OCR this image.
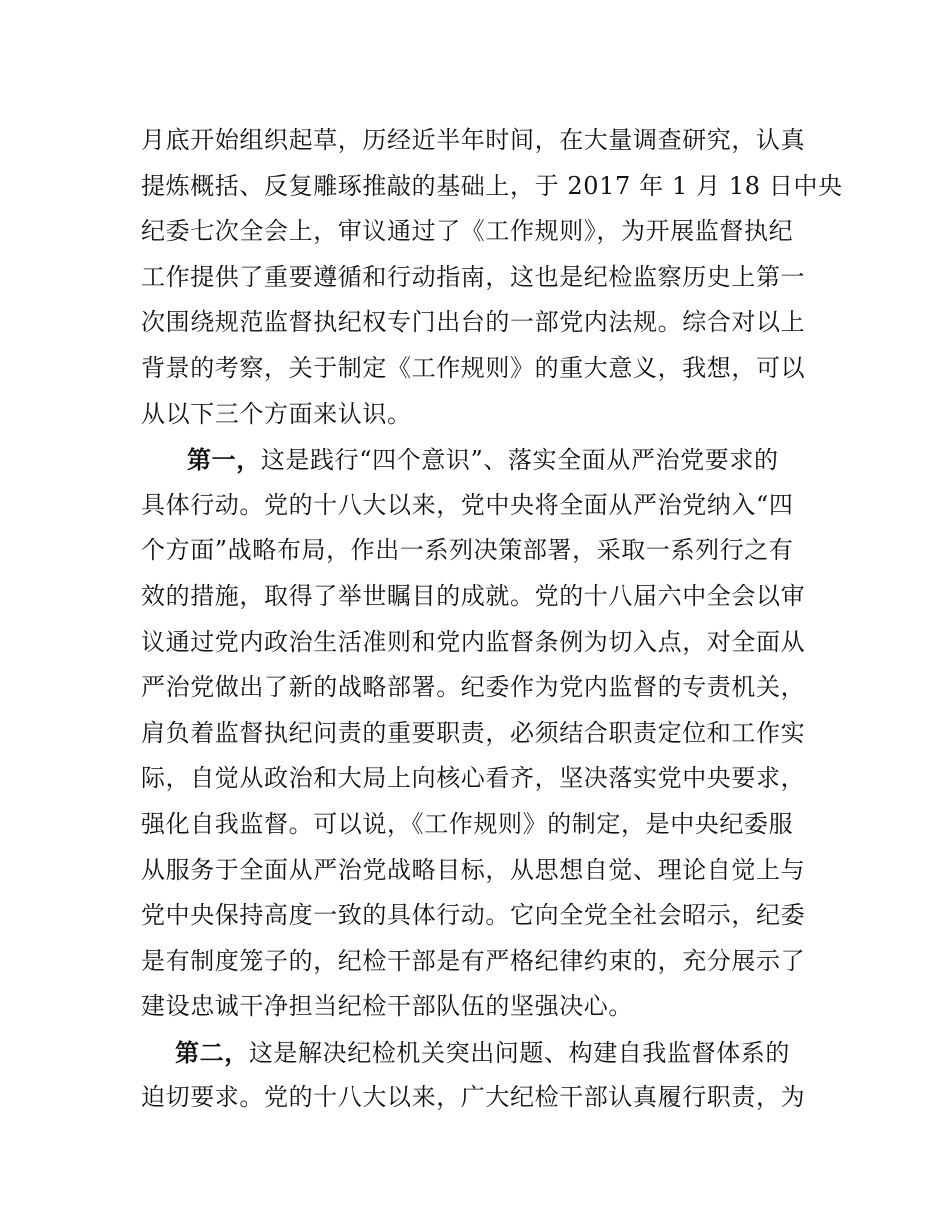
月底开始组织起草，历经近半年时间，在大量调查研究，认真
提炼概括、反复雕琢推敲的基础上，于 2017 年 1 月 18 日中央
纪委七次全会上，审议通过了《工作规则》，为开展监督执纪
工作提供了重要遵循和行动指南，这也是纪检监察历史上第一
次围绕规范监督执纪权专门出台的一部党内法规。综合对以上
背景的考察，关于制定《工作规则》的重大意义，我想，可以
从以下三个方面来认识。
第一，这是践行“四个意识”、落实全面从严治党要求的
具体行动。党的十八大以来，党中央将全面从严治党纳入“四
个方面”战略布局，作出一系列决策部署，采取一系列行之有
效的措施，取得了举世瞩目的成就。党的十八届六中全会以审
议通过党内政治生活准则和党内监督条例为切入点，对全面从
严治党做出了新的战略部署。纪委作为党内监督的专责机关，
肩负着监督执纪问责的重要职责，必须结合职责定位和工作实
际，自觉从政治和大局上向核心看齐，坚决落实党中央要求，
强化自我监督。可以说，《工作规则》的制定，是中央纪委服
从服务于全面从严治党战略目标，从思想自觉、理论自觉上与
党中央保持高度一致的具体行动。它向全党全社会昭示，纪委
是有制度笼子的，纪检干部是有严格纪律约束的，充分展示了
建设忠诚干净担当纪检干部队伍的坚强决心。
第二，这是解决纪检机关突出问题、构建自我监督体系的
迫切要求。党的十八大以来，广大纪检干部认真履行职责，为
